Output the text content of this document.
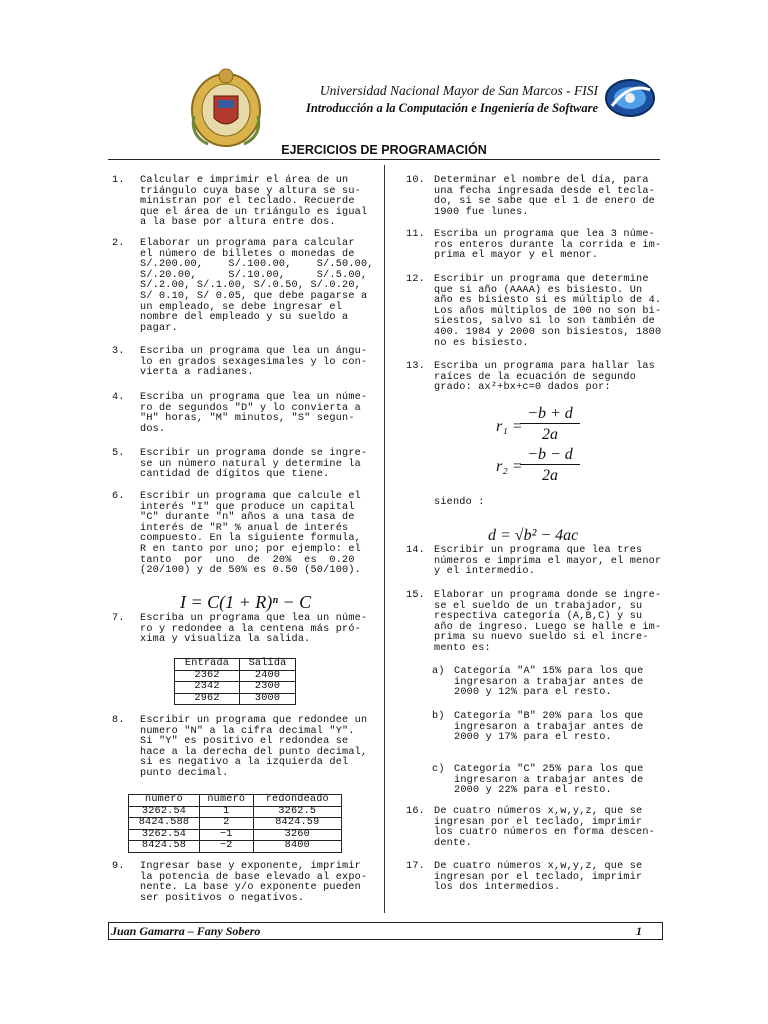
Universidad Nacional Mayor de San Marcos - FISI
Introducción a la Computación e Ingeniería de Software
EJERCICIOS DE PROGRAMACIÓN
1.	Calcular e imprimir el área de un
triángulo cuya base y altura se su-
ministran por el teclado. Recuerde
que el área de un triángulo es igual
a la base por altura entre dos.
2.	Elaborar un programa para calcular
el número de billetes o monedas de
S/.200.00,    S/.100.00,    S/.50.00,
S/.20.00,     S/.10.00,     S/.5.00,
S/.2.00, S/.1.00, S/.0.50, S/.0.20,
S/ 0.10, S/ 0.05, que debe pagarse a
un empleado, se debe ingresar el
nombre del empleado y su sueldo a
pagar.
3.	Escriba un programa que lea un ángu-
lo en grados sexagesimales y lo con-
vierta a radianes.
4.	Escriba un programa que lea un núme-
ro de segundos "D" y lo convierta a
"H" horas, "M" minutos, "S" segun-
dos.
5.	Escribir un programa donde se ingre-
se un número natural y determine la
cantidad de dígitos que tiene.
6.	Escribir un programa que calcule el
interés "I" que produce un capital
"C" durante "n" años a una tasa de
interés de "R" % anual de interés
compuesto. En la siguiente formula,
R en tanto por uno; por ejemplo: el
tanto  por  uno  de  20%  es  0.20
(20/100) y de 50% es 0.50 (50/100).
I = C(1 + R)ⁿ − C
7.	Escriba un programa que lea un núme-
ro y redondee a la centena más pró-
xima y visualiza la salida.
Entrada	Salida
2362	2400
2342	2300
2962	3000
8.	Escribir un programa que redondee un
numero "N" a la cifra decimal "Y".
Si "Y" es positivo el redondea se
hace a la derecha del punto decimal,
si es negativo a la izquierda del
punto decimal.
numero	numero	redondeado
3262.54	1	3262.5
8424.588	2	8424.59
3262.54	−1	3260
8424.58	−2	8400
9.	Ingresar base y exponente, imprimir
la potencia de base elevado al expo-
nente. La base y/o exponente pueden
ser positivos o negativos.
10. Determinar el nombre del día, para
una fecha ingresada desde el tecla-
do, si se sabe que el 1 de enero de
1900 fue lunes.
11. Escriba un programa que lea 3 núme-
ros enteros durante la corrida e im-
prima el mayor y el menor.
12. Escribir un programa que determine
que si año (AAAA) es bisiesto. Un
año es bisiesto si es múltiplo de 4.
Los años múltiplos de 100 no son bi-
siestos, salvo si lo son también de
400. 1984 y 2000 son bisiestos, 1800
no es bisiesto.
13. Escriba un programa para hallar las
raíces de la ecuación de segundo
grado: ax²+bx+c=0 dados por:
r₁ =
−b + d
2a
r₂ =
−b − d
2a
siendo :
d = √b² − 4ac
14. Escribir un programa que lea tres
números e imprima el mayor, el menor
y el intermedio.
15. Elaborar un programa donde se ingre-
se el sueldo de un trabajador, su
respectiva categoría (A,B,C) y su
año de ingreso. Luego se halle e im-
prima su nuevo sueldo si el incre-
mento es:
a) Categoría "A" 15% para los que
ingresaron a trabajar antes de
2000 y 12% para el resto.
b) Categoría "B" 20% para los que
ingresaron a trabajar antes de
2000 y 17% para el resto.
c) Categoría "C" 25% para los que
ingresaron a trabajar antes de
2000 y 22% para el resto.
16. De cuatro números x,w,y,z, que se
ingresan por el teclado, imprimir
los cuatro números en forma descen-
dente.
17. De cuatro números x,w,y,z, que se
ingresan por el teclado, imprimir
los dos intermedios.
Juan Gamarra – Fany Sobero	1
